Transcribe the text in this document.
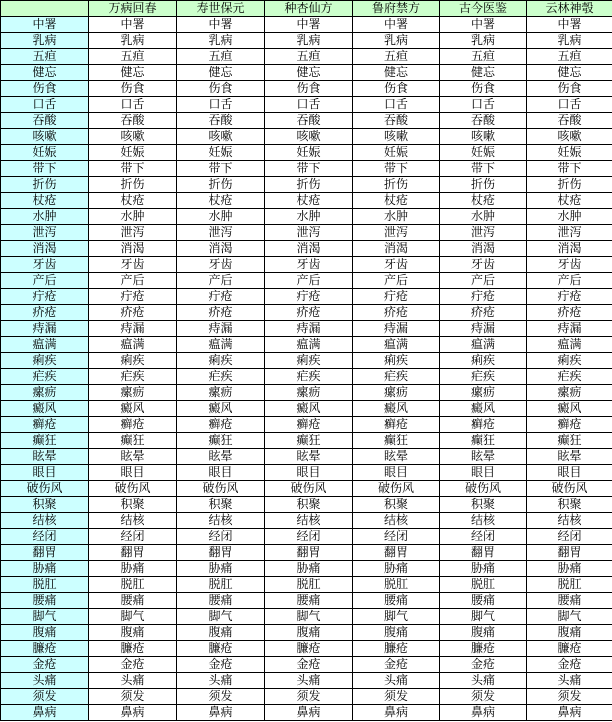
	万病回春	寿世保元	种杏仙方	鲁府禁方	古今医鉴	云林神彀
中署	中署	中署	中署	中署	中署	中署
乳病	乳病	乳病	乳病	乳病	乳病	乳病
五疸	五疸	五疸	五疸	五疸	五疸	五疸
健忘	健忘	健忘	健忘	健忘	健忘	健忘
伤食	伤食	伤食	伤食	伤食	伤食	伤食
口舌	口舌	口舌	口舌	口舌	口舌	口舌
吞酸	吞酸	吞酸	吞酸	吞酸	吞酸	吞酸
咳嗽	咳嗽	咳嗽	咳嗽	咳嗽	咳嗽	咳嗽
妊娠	妊娠	妊娠	妊娠	妊娠	妊娠	妊娠
带下	带下	带下	带下	带下	带下	带下
折伤	折伤	折伤	折伤	折伤	折伤	折伤
杖疮	杖疮	杖疮	杖疮	杖疮	杖疮	杖疮
水肿	水肿	水肿	水肿	水肿	水肿	水肿
泄泻	泄泻	泄泻	泄泻	泄泻	泄泻	泄泻
消渴	消渴	消渴	消渴	消渴	消渴	消渴
牙齿	牙齿	牙齿	牙齿	牙齿	牙齿	牙齿
产后	产后	产后	产后	产后	产后	产后
疔疮	疔疮	疔疮	疔疮	疔疮	疔疮	疔疮
疥疮	疥疮	疥疮	疥疮	疥疮	疥疮	疥疮
痔漏	痔漏	痔漏	痔漏	痔漏	痔漏	痔漏
瘟满	瘟满	瘟满	瘟满	瘟满	瘟满	瘟满
痢疾	痢疾	痢疾	痢疾	痢疾	痢疾	痢疾
疟疾	疟疾	疟疾	疟疾	疟疾	疟疾	疟疾
瘰疬	瘰疬	瘰疬	瘰疬	瘰疬	瘰疬	瘰疬
癜风	癜风	癜风	癜风	癜风	癜风	癜风
癣疮	癣疮	癣疮	癣疮	癣疮	癣疮	癣疮
癫狂	癫狂	癫狂	癫狂	癫狂	癫狂	癫狂
眩晕	眩晕	眩晕	眩晕	眩晕	眩晕	眩晕
眼目	眼目	眼目	眼目	眼目	眼目	眼目
破伤风	破伤风	破伤风	破伤风	破伤风	破伤风	破伤风
积聚	积聚	积聚	积聚	积聚	积聚	积聚
结核	结核	结核	结核	结核	结核	结核
经闭	经闭	经闭	经闭	经闭	经闭	经闭
翻胃	翻胃	翻胃	翻胃	翻胃	翻胃	翻胃
胁痛	胁痛	胁痛	胁痛	胁痛	胁痛	胁痛
脱肛	脱肛	脱肛	脱肛	脱肛	脱肛	脱肛
腰痛	腰痛	腰痛	腰痛	腰痛	腰痛	腰痛
脚气	脚气	脚气	脚气	脚气	脚气	脚气
腹痛	腹痛	腹痛	腹痛	腹痛	腹痛	腹痛
臁疮	臁疮	臁疮	臁疮	臁疮	臁疮	臁疮
金疮	金疮	金疮	金疮	金疮	金疮	金疮
头痛	头痛	头痛	头痛	头痛	头痛	头痛
须发	须发	须发	须发	须发	须发	须发
鼻病	鼻病	鼻病	鼻病	鼻病	鼻病	鼻病
